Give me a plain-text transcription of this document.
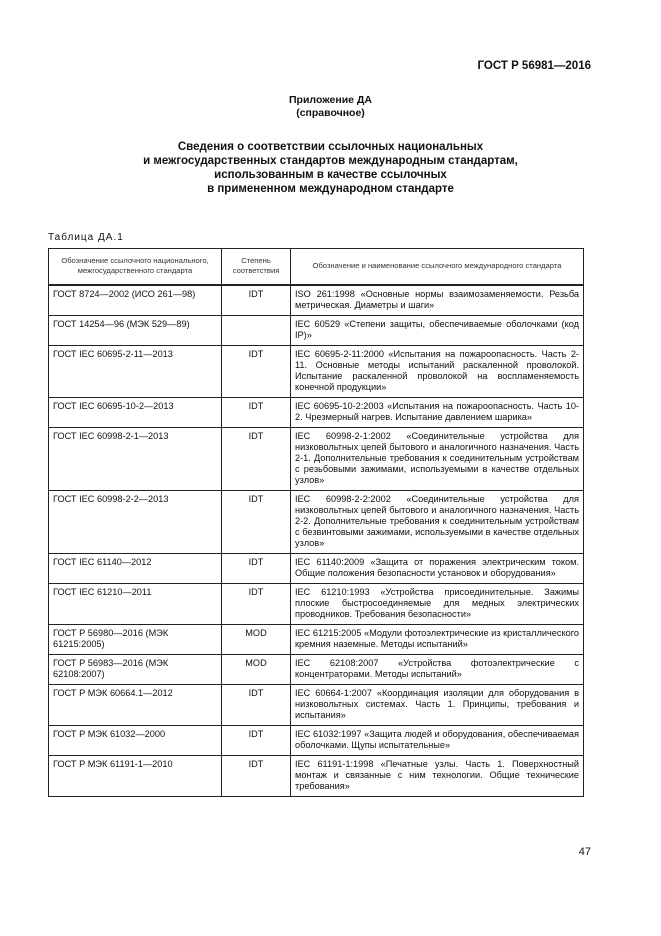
ГОСТ Р 56981—2016
Приложение ДА
(справочное)
Сведения о соответствии ссылочных национальных
и межгосударственных стандартов международным стандартам,
использованным в качестве ссылочных
в примененном международном стандарте
Таблица ДА.1
Обозначение ссылочного национального, межгосударственного стандарта	Степень соответствия	Обозначение и наименование ссылочного международного стандарта
ГОСТ 8724—2002 (ИСО 261—98)	IDT	ISO 261:1998 «Основные нормы взаимозаменяемости. Резьба метрическая. Диаметры и шаги»
ГОСТ 14254—96 (МЭК 529—89)		IEC 60529 «Степени защиты, обеспечиваемые оболочками (код IP)»
ГОСТ IEC 60695-2-11—2013	IDT	IEC 60695-2-11:2000 «Испытания на пожароопасность. Часть 2-11. Основные методы испытаний раскаленной проволокой. Испытание раскаленной проволокой на воспламеняемость конечной продукции»
ГОСТ IEC 60695-10-2—2013	IDT	IEC 60695-10-2:2003 «Испытания на пожароопасность. Часть 10-2. Чрезмерный нагрев. Испытание давлением шарика»
ГОСТ IEC 60998-2-1—2013	IDT	IEC 60998-2-1:2002 «Соединительные устройства для низковольтных цепей бытового и аналогичного назначения. Часть 2-1. Дополнительные требования к соединительным устройствам с резьбовыми зажимами, используемыми в качестве отдельных узлов»
ГОСТ IEC 60998-2-2—2013	IDT	IEC 60998-2-2:2002 «Соединительные устройства для низковольтных цепей бытового и аналогичного назначения. Часть 2-2. Дополнительные требования к соединительным устройствам с безвинтовыми зажимами, используемыми в качестве отдельных узлов»
ГОСТ IEC 61140—2012	IDT	IEC 61140:2009 «Защита от поражения электрическим током. Общие положения безопасности установок и оборудования»
ГОСТ IEC 61210—2011	IDT	IEC 61210:1993 «Устройства присоединительные. Зажимы плоские быстросоединяемые для медных электрических проводников. Требования безопасности»
ГОСТ Р 56980—2016 (МЭК 61215:2005)	MOD	IEC 61215:2005 «Модули фотоэлектрические из кристаллического кремния наземные. Методы испытаний»
ГОСТ Р 56983—2016 (МЭК 62108:2007)	MOD	IEC 62108:2007 «Устройства фотоэлектрические с концентраторами. Методы испытаний»
ГОСТ Р МЭК 60664.1—2012	IDT	IEC 60664-1:2007 «Координация изоляции для оборудования в низковольтных системах. Часть 1. Принципы, требования и испытания»
ГОСТ Р МЭК 61032—2000	IDT	IEC 61032:1997 «Защита людей и оборудования, обеспечиваемая оболочками. Щупы испытательные»
ГОСТ Р МЭК 61191-1—2010	IDT	IEC 61191-1:1998 «Печатные узлы. Часть 1. Поверхностный монтаж и связанные с ним технологии. Общие технические требования»
47
